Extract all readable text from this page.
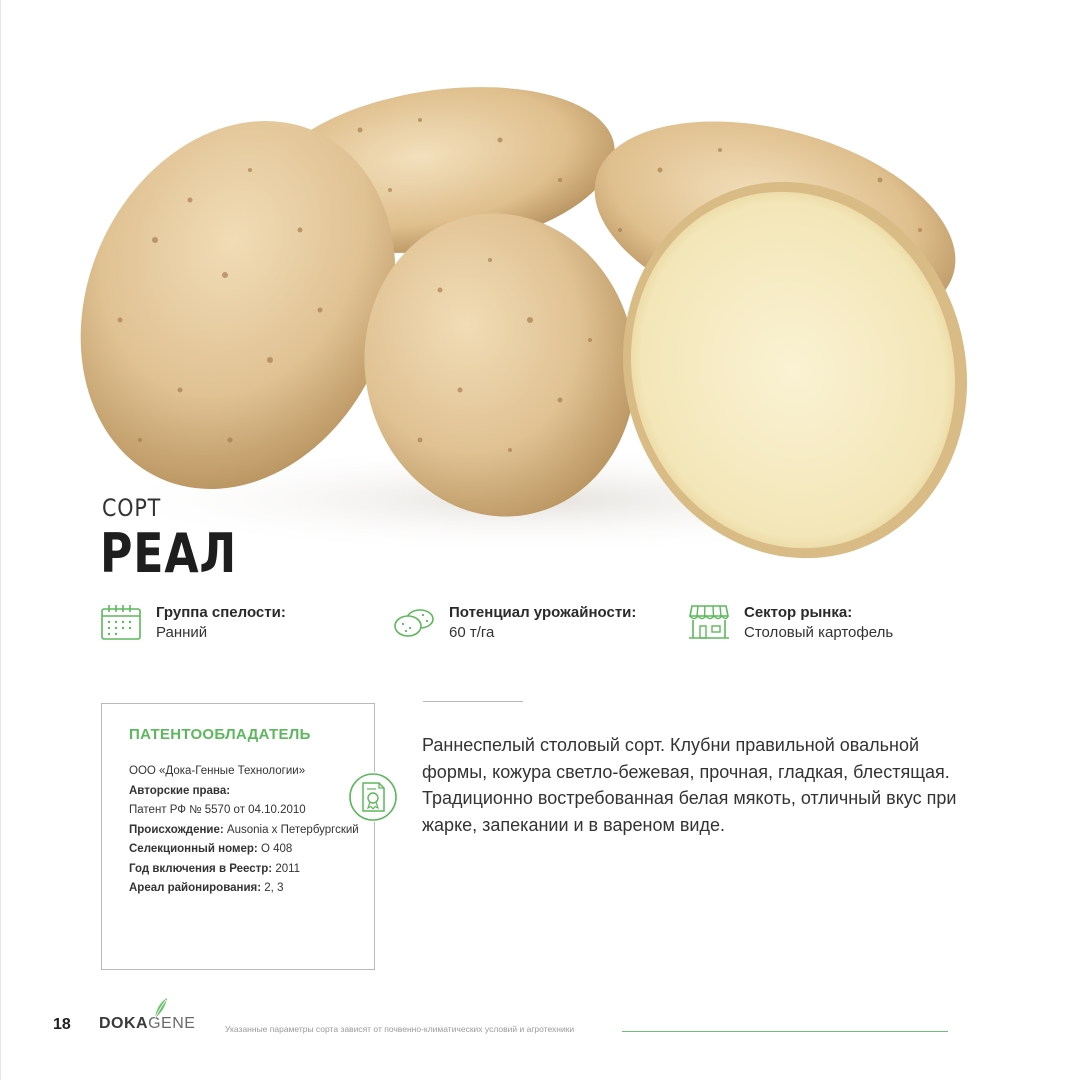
СОРТ
РЕАЛ
Группа спелости:
Ранний
Потенциал урожайности:
60 т/га
Сектор рынка:
Столовый картофель
ПАТЕНТООБЛАДАТЕЛЬ
ООО «Дока-Генные Технологии»
Авторские права:
Патент РФ № 5570 от 04.10.2010
Происхождение: Ausonia х Петербургский
Селекционный номер: О 408
Год включения в Реестр: 2011
Ареал районирования: 2, 3
Раннеспелый столовый сорт. Клубни правильной овальной формы, кожура светло-бежевая, прочная, гладкая, блестящая. Традиционно востребованная белая мякоть, отличный вкус при жарке, запекании и в вареном виде.
18 DOKAGENE	Указанные параметры сорта зависят от почвенно-климатических условий и агротехники
